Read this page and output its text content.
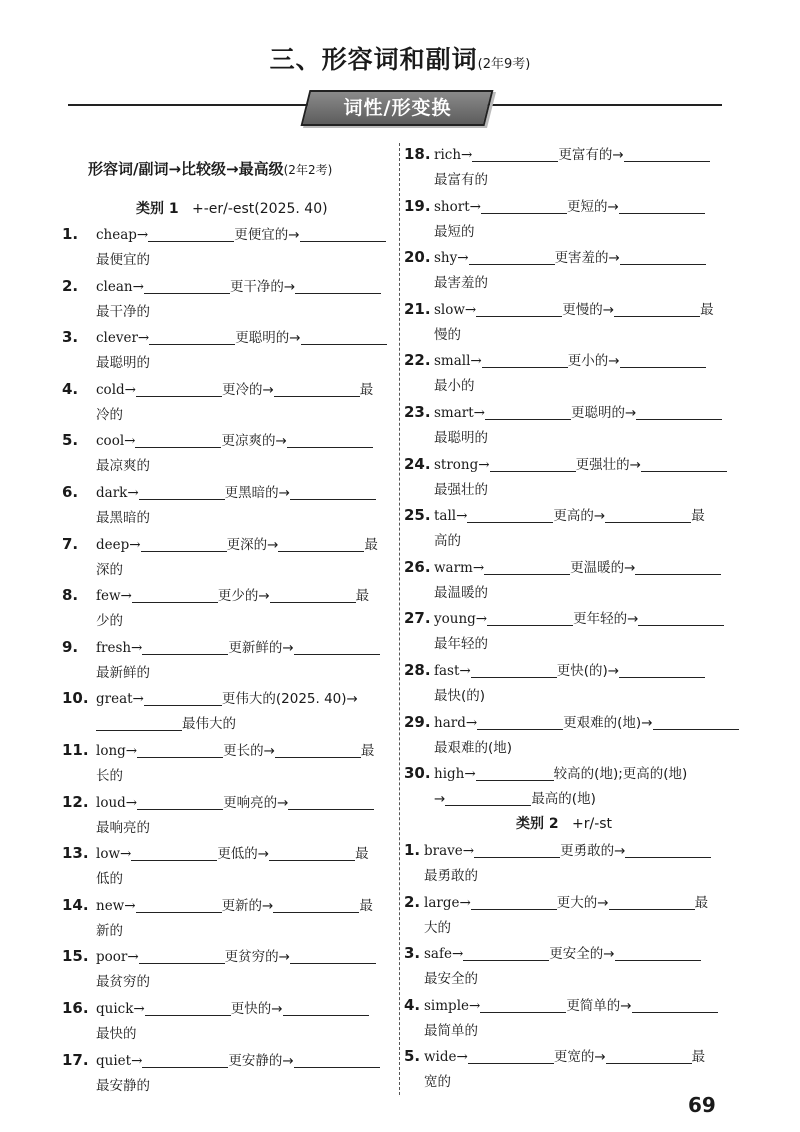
三、形容词和副词(2年9考)
词性/形变换
形容词/副词→比较级→最高级(2年2考)
类别 1 +-er/-est(2025. 40)
类别 2 +r/-st
1. cheap→	更便宜的→
最便宜的
2. clean→	更干净的→
最干净的
3. clever→	更聪明的→
最聪明的
4. cold→	更冷的→	最
冷的
5. cool→	更凉爽的→
最凉爽的
6. dark→	更黑暗的→
最黑暗的
7. deep→	更深的→	最
深的
8. few→	更少的→	最
少的
9. fresh→	更新鲜的→
最新鲜的
10. great→	更伟大的(2025. 40)→
最伟大的
11. long→	更长的→	最
长的
12. loud→	更响亮的→
最响亮的
13. low→	更低的→	最
低的
14. new→	更新的→	最
新的
15. poor→	更贫穷的→
最贫穷的
16. quick→	更快的→
最快的
17. quiet→	更安静的→
最安静的
18. rich→	更富有的→
最富有的
19. short→	更短的→
最短的
20. shy→	更害羞的→
最害羞的
21. slow→	更慢的→	最
慢的
22. small→	更小的→
最小的
23. smart→	更聪明的→
最聪明的
24. strong→	更强壮的→
最强壮的
25. tall→	更高的→	最
高的
26. warm→	更温暖的→
最温暖的
27. young→	更年轻的→
最年轻的
28. fast→	更快(的)→
最快(的)
29. hard→	更艰难的(地)→
最艰难的(地)
30. high→	较高的(地);更高的(地)
→	最高的(地)
1. brave→	更勇敢的→
最勇敢的
2. large→	更大的→	最
大的
3. safe→	更安全的→
最安全的
4. simple→	更简单的→
最简单的
5. wide→	更宽的→	最
宽的
69
